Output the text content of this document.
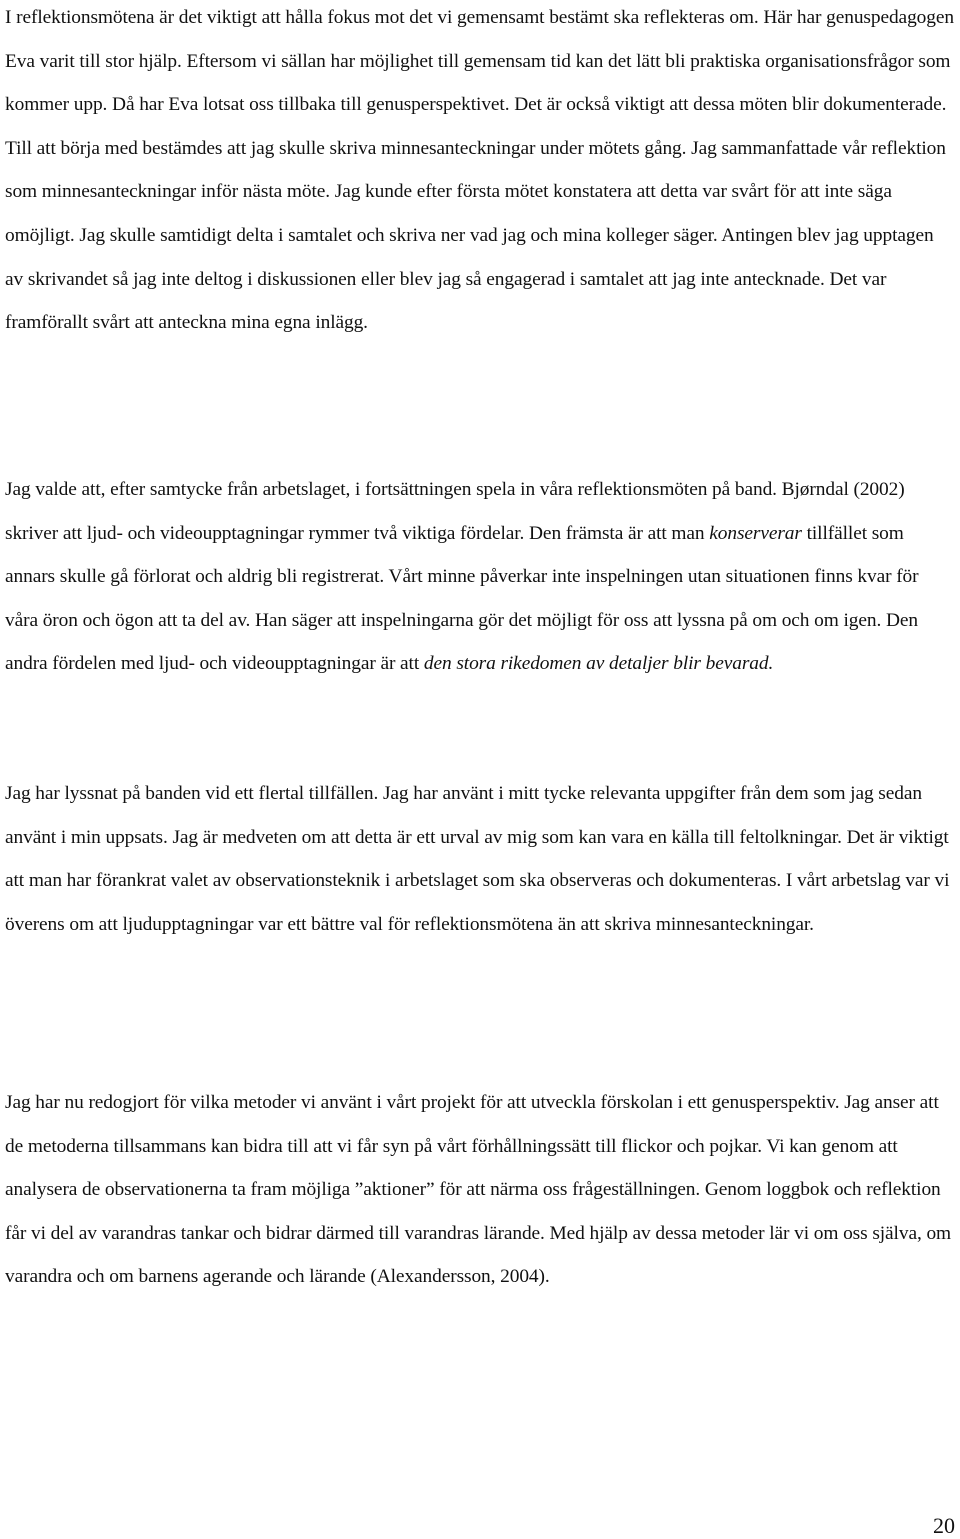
I reflektionsmötena är det viktigt att hålla fokus mot det vi gemensamt bestämt ska reflekteras om. Här har genuspedagogen Eva varit till stor hjälp. Eftersom vi sällan har möjlighet till gemensam tid kan det lätt bli praktiska organisationsfrågor som kommer upp. Då har Eva lotsat oss tillbaka till genusperspektivet. Det är också viktigt att dessa möten blir dokumenterade. Till att börja med bestämdes att jag skulle skriva minnesanteckningar under mötets gång. Jag sammanfattade vår reflektion som minnesanteckningar inför nästa möte. Jag kunde efter första mötet konstatera att detta var svårt för att inte säga omöjligt. Jag skulle samtidigt delta i samtalet och skriva ner vad jag och mina kolleger säger. Antingen blev jag upptagen av skrivandet så jag inte deltog i diskussionen eller blev jag så engagerad i samtalet att jag inte antecknade. Det var framförallt svårt att anteckna mina egna inlägg.

Jag valde att, efter samtycke från arbetslaget, i fortsättningen spela in våra reflektionsmöten på band. Bjørndal (2002) skriver att ljud- och videoupptagningar rymmer två viktiga fördelar. Den främsta är att man konserverar tillfället som annars skulle gå förlorat och aldrig bli registrerat. Vårt minne påverkar inte inspelningen utan situationen finns kvar för våra öron och ögon att ta del av. Han säger att inspelningarna gör det möjligt för oss att lyssna på om och om igen. Den andra fördelen med ljud- och videoupptagningar är att den stora rikedomen av detaljer blir bevarad.

Jag har lyssnat på banden vid ett flertal tillfällen. Jag har använt i mitt tycke relevanta uppgifter från dem som jag sedan använt i min uppsats. Jag är medveten om att detta är ett urval av mig som kan vara en källa till feltolkningar. Det är viktigt att man har förankrat valet av observationsteknik i arbetslaget som ska observeras och dokumenteras. I vårt arbetslag var vi överens om att ljudupptagningar var ett bättre val för reflektionsmötena än att skriva minnesanteckningar.

Jag har nu redogjort för vilka metoder vi använt i vårt projekt för att utveckla förskolan i ett genusperspektiv. Jag anser att de metoderna tillsammans kan bidra till att vi får syn på vårt förhållningssätt till flickor och pojkar. Vi kan genom att analysera de observationerna ta fram möjliga ”aktioner” för att närma oss frågeställningen. Genom loggbok och reflektion får vi del av varandras tankar och bidrar därmed till varandras lärande. Med hjälp av dessa metoder lär vi om oss själva, om varandra och om barnens agerande och lärande (Alexandersson, 2004).

20
